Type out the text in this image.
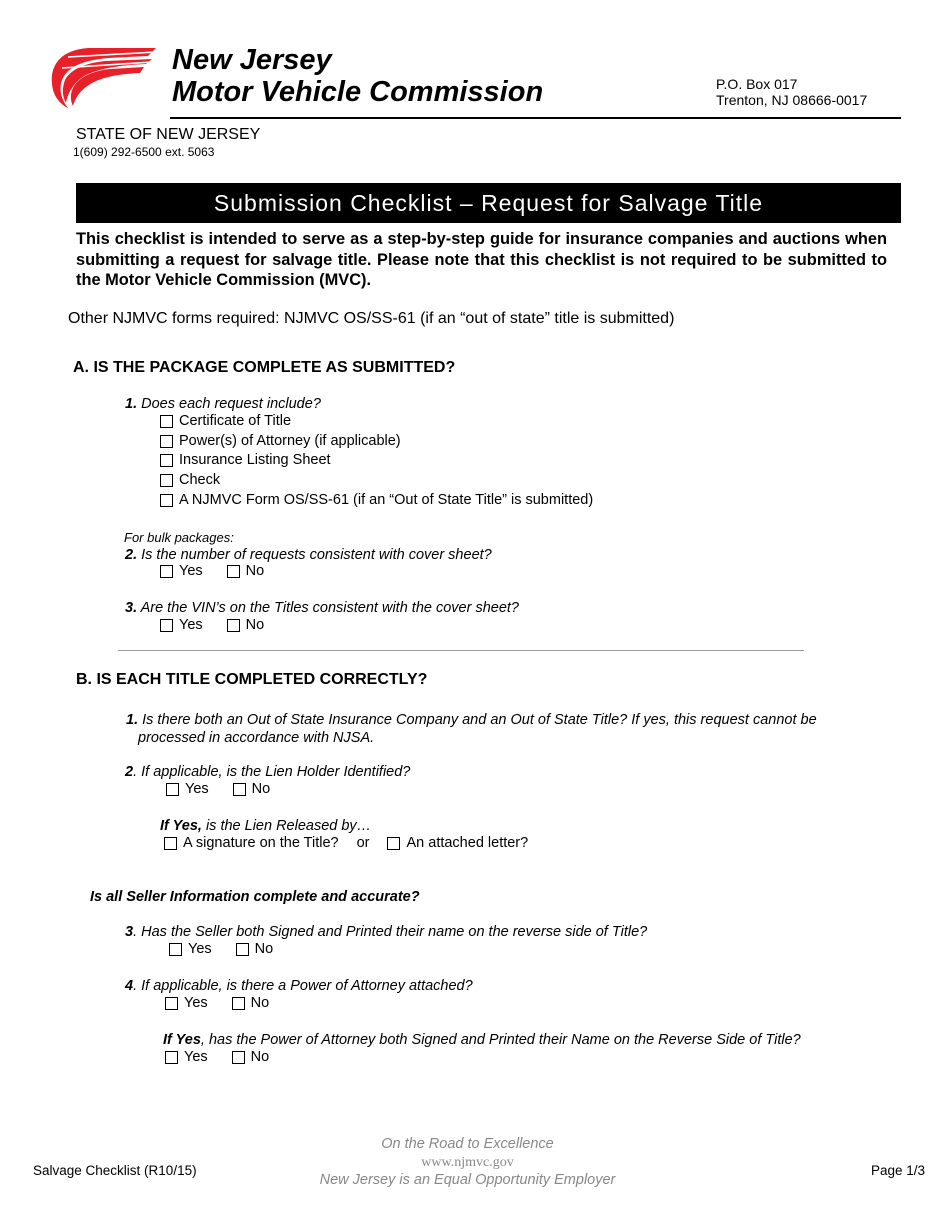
New Jersey
Motor Vehicle Commission	P.O. Box 017
Trenton, NJ 08666-0017
STATE OF NEW JERSEY
1(609) 292-6500 ext. 5063
Submission Checklist – Request for Salvage Title
This checklist is intended to serve as a step-by-step guide for insurance companies and auctions when submitting a request for salvage title. Please note that this checklist is not required to be submitted to the Motor Vehicle Commission (MVC).
Other NJMVC forms required: NJMVC OS/SS-61 (if an “out of state” title is submitted)
A. IS THE PACKAGE COMPLETE AS SUBMITTED?
1. Does each request include?
Certificate of Title
Power(s) of Attorney (if applicable)
Insurance Listing Sheet
Check
A NJMVC Form OS/SS-61 (if an “Out of State Title” is submitted)
For bulk packages:
2. Is the number of requests consistent with cover sheet?
Yes	No
3. Are the VIN’s on the Titles consistent with the cover sheet?
Yes	No
B. IS EACH TITLE COMPLETED CORRECTLY?
1. Is there both an Out of State Insurance Company and an Out of State Title? If yes, this request cannot be
processed in accordance with NJSA.
2. If applicable, is the Lien Holder Identified?
Yes	No
If Yes, is the Lien Released by…
A signature on the Title? or	An attached letter?
Is all Seller Information complete and accurate?
3. Has the Seller both Signed and Printed their name on the reverse side of Title?
Yes	No
4. If applicable, is there a Power of Attorney attached?
Yes	No
If Yes, has the Power of Attorney both Signed and Printed their Name on the Reverse Side of Title?
Yes	No
On the Road to Excellence
www.njmvc.gov
New Jersey is an Equal Opportunity Employer
Salvage Checklist (R10/15)	Page 1/3
